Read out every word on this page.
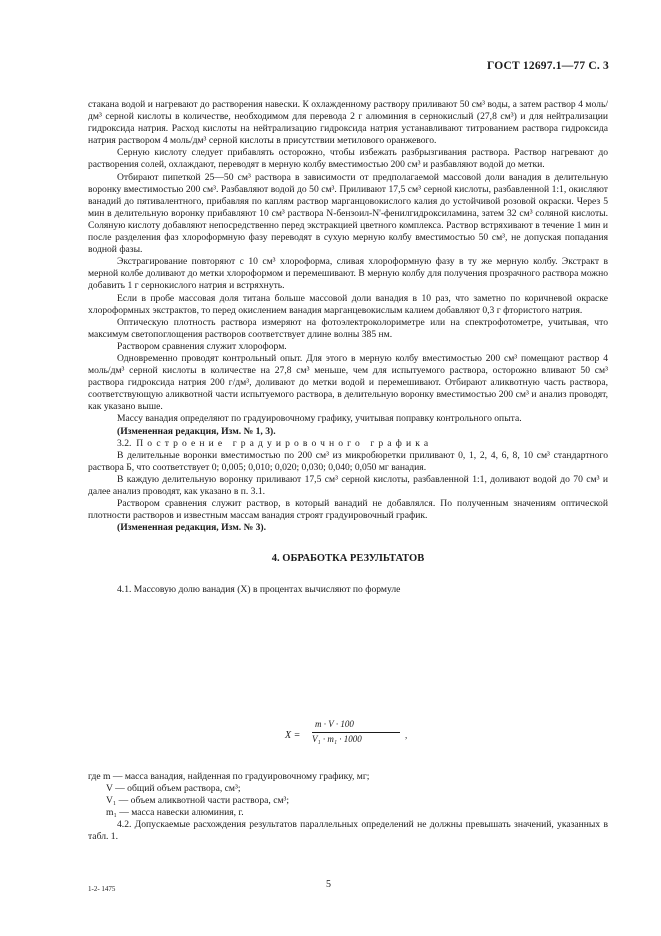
ГОСТ 12697.1—77 С. 3

стакана водой и нагревают до растворения навески. К охлажденному раствору приливают 50 см³ воды, а затем раствор 4 моль/дм³ серной кислоты в количестве, необходимом для перевода 2 г алюминия в сернокислый (27,8 см³) и для нейтрализации гидроксида натрия. Расход кислоты на нейтрализацию гидроксида натрия устанавливают титрованием раствора гидроксида натрия раствором 4 моль/дм³ серной кислоты в присутствии метилового оранжевого.

Серную кислоту следует прибавлять осторожно, чтобы избежать разбрызгивания раствора. Раствор нагревают до растворения солей, охлаждают, переводят в мерную колбу вместимостью 200 см³ и разбавляют водой до метки.

Отбирают пипеткой 25—50 см³ раствора в зависимости от предполагаемой массовой доли ванадия в делительную воронку вместимостью 200 см³. Разбавляют водой до 50 см³. Приливают 17,5 см³ серной кислоты, разбавленной 1:1, окисляют ванадий до пятивалентного, прибавляя по каплям раствор марганцовокислого калия до устойчивой розовой окраски. Через 5 мин в делительную воронку прибавляют 10 см³ раствора N-бензоил-N'-фенилгидроксиламина, затем 32 см³ соляной кислоты. Соляную кислоту добавляют непосредственно перед экстракцией цветного комплекса. Раствор встряхивают в течение 1 мин и после разделения фаз хлороформную фазу переводят в сухую мерную колбу вместимостью 50 см³, не допуская попадания водной фазы.

Экстрагирование повторяют с 10 см³ хлороформа, сливая хлороформную фазу в ту же мерную колбу. Экстракт в мерной колбе доливают до метки хлороформом и перемешивают. В мерную колбу для получения прозрачного раствора можно добавить 1 г сернокислого натрия и встряхнуть.

Если в пробе массовая доля титана больше массовой доли ванадия в 10 раз, что заметно по коричневой окраске хлороформных экстрактов, то перед окислением ванадия марганцевокислым калием добавляют 0,3 г фтористого натрия.

Оптическую плотность раствора измеряют на фотоэлектроколориметре или на спектрофотометре, учитывая, что максимум светопоглощения растворов соответствует длине волны 385 нм.

Раствором сравнения служит хлороформ.

Одновременно проводят контрольный опыт. Для этого в мерную колбу вместимостью 200 см³ помещают раствор 4 моль/дм³ серной кислоты в количестве на 27,8 см³ меньше, чем для испытуемого раствора, осторожно вливают 50 см³ раствора гидроксида натрия 200 г/дм³, доливают до метки водой и перемешивают. Отбирают аликвотную часть раствора, соответствующую аликвотной части испытуемого раствора, в делительную воронку вместимостью 200 см³ и анализ проводят, как указано выше.

Массу ванадия определяют по градуировочному графику, учитывая поправку контрольного опыта.

(Измененная редакция, Изм. № 1, 3).

3.2. Построение градуировочного графика

В делительные воронки вместимостью по 200 см³ из микробюретки приливают 0, 1, 2, 4, 6, 8, 10 см³ стандартного раствора Б, что соответствует 0; 0,005; 0,010; 0,020; 0,030; 0,040; 0,050 мг ванадия.

В каждую делительную воронку приливают 17,5 см³ серной кислоты, разбавленной 1:1, доливают водой до 70 см³ и далее анализ проводят, как указано в п. 3.1.

Раствором сравнения служит раствор, в который ванадий не добавлялся. По полученным значениям оптической плотности растворов и известным массам ванадия строят градуировочный график.

(Измененная редакция, Изм. № 3).

4. ОБРАБОТКА РЕЗУЛЬТАТОВ

4.1. Массовую долю ванадия (X) в процентах вычисляют по формуле

X =
m · V · 100
V₁ · m₁ · 1000	,

где m — масса ванадия, найденная по градуировочному графику, мг;

V — общий объем раствора, см³;

V₁ — объем аликвотной части раствора, см³;

m₁ — масса навески алюминия, г.

4.2. Допускаемые расхождения результатов параллельных определений не должны превышать значений, указанных в табл. 1.

1-2- 1475	5
